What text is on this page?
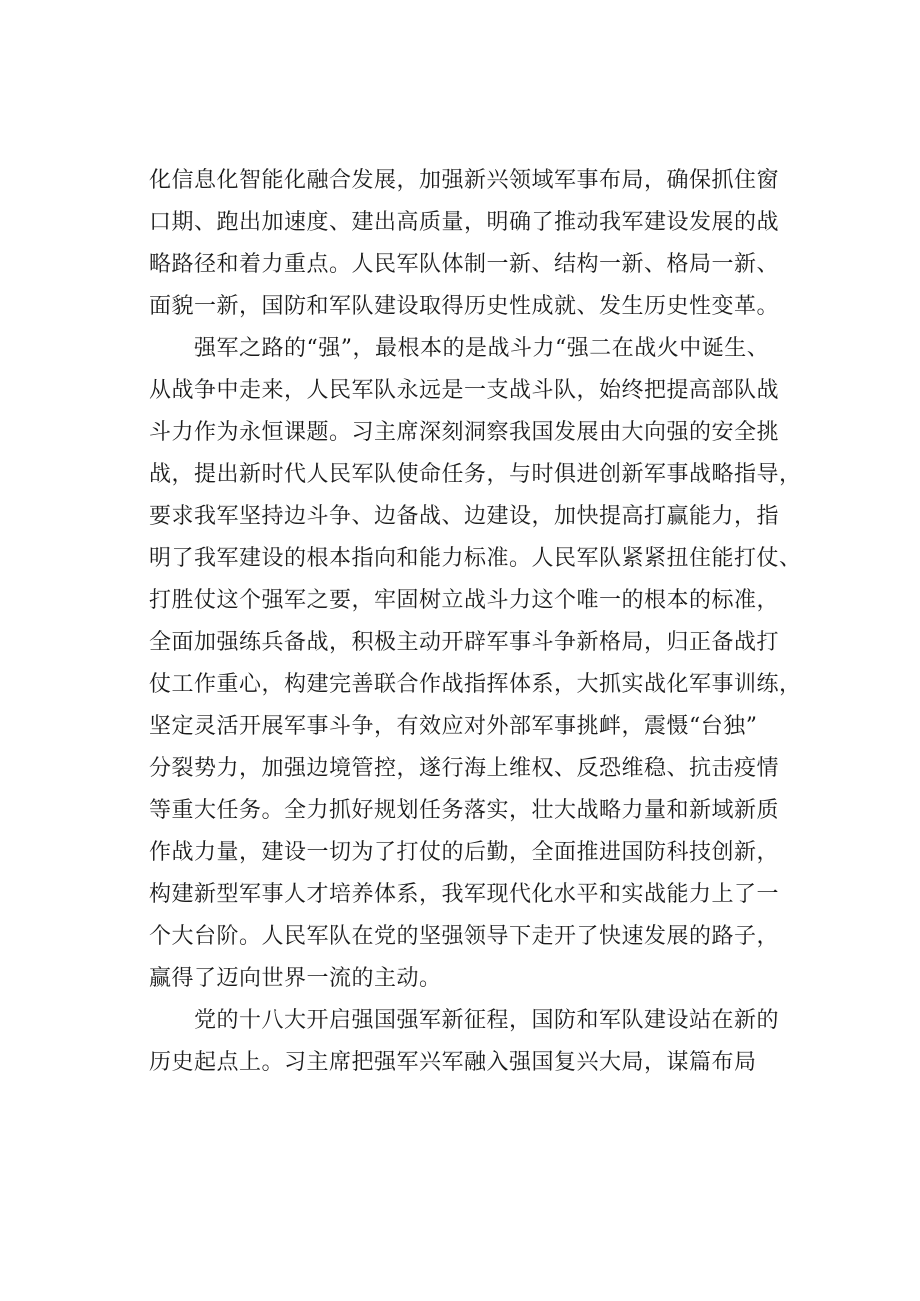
化信息化智能化融合发展，加强新兴领域军事布局，确保抓住窗
口期、跑出加速度、建出高质量，明确了推动我军建设发展的战
略路径和着力重点。人民军队体制一新、结构一新、格局一新、
面貌一新，国防和军队建设取得历史性成就、发生历史性变革。
强军之路的“强”，最根本的是战斗力“强二在战火中诞生、
从战争中走来，人民军队永远是一支战斗队，始终把提高部队战
斗力作为永恒课题。习主席深刻洞察我国发展由大向强的安全挑
战，提出新时代人民军队使命任务，与时俱进创新军事战略指导，
要求我军坚持边斗争、边备战、边建设，加快提高打赢能力，指
明了我军建设的根本指向和能力标准。人民军队紧紧扭住能打仗、
打胜仗这个强军之要，牢固树立战斗力这个唯一的根本的标准，
全面加强练兵备战，积极主动开辟军事斗争新格局，归正备战打
仗工作重心，构建完善联合作战指挥体系，大抓实战化军事训练，
坚定灵活开展军事斗争，有效应对外部军事挑衅，震慑“台独”
分裂势力，加强边境管控，遂行海上维权、反恐维稳、抗击疫情
等重大任务。全力抓好规划任务落实，壮大战略力量和新域新质
作战力量，建设一切为了打仗的后勤，全面推进国防科技创新，
构建新型军事人才培养体系，我军现代化水平和实战能力上了一
个大台阶。人民军队在党的坚强领导下走开了快速发展的路子，
赢得了迈向世界一流的主动。
党的十八大开启强国强军新征程，国防和军队建设站在新的
历史起点上。习主席把强军兴军融入强国复兴大局，谋篇布局
